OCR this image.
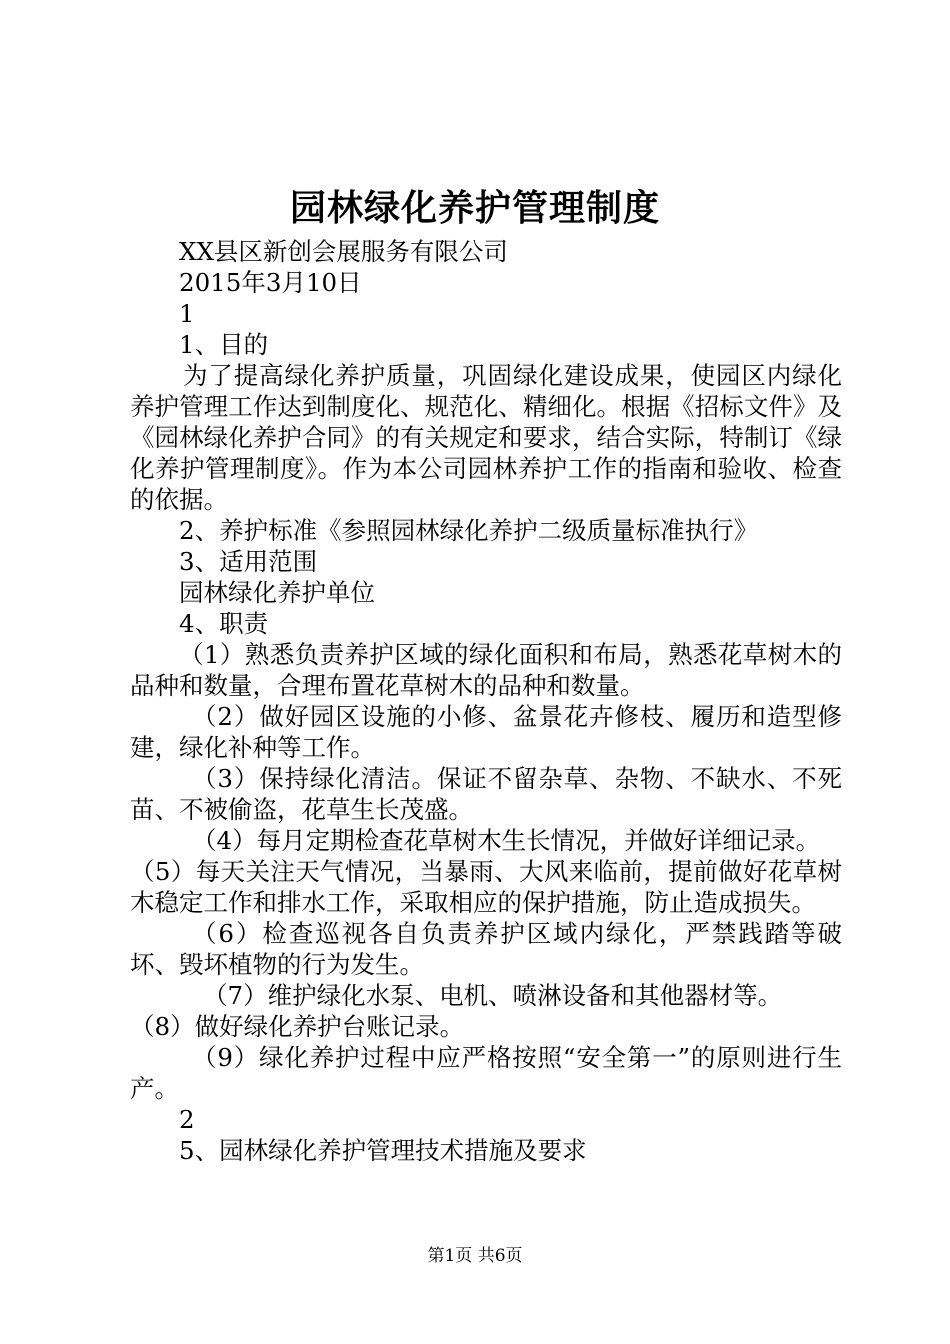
园林绿化养护管理制度

XX县区新创会展服务有限公司

2015年3月10日

1

1、目的

为了提高绿化养护质量，巩固绿化建设成果，使园区内绿化养护管理工作达到制度化、规范化、精细化。根据《招标文件》及《园林绿化养护合同》的有关规定和要求，结合实际，特制订《绿化养护管理制度》。作为本公司园林养护工作的指南和验收、检查的依据。

2、养护标准《参照园林绿化养护二级质量标准执行》

3、适用范围

园林绿化养护单位

4、职责

（1）熟悉负责养护区域的绿化面积和布局，熟悉花草树木的品种和数量，合理布置花草树木的品种和数量。

（2）做好园区设施的小修、盆景花卉修枝、履历和造型修建，绿化补种等工作。

（3）保持绿化清洁。保证不留杂草、杂物、不缺水、不死苗、不被偷盗，花草生长茂盛。

（4）每月定期检查花草树木生长情况，并做好详细记录。

（5）每天关注天气情况，当暴雨、大风来临前，提前做好花草树木稳定工作和排水工作，采取相应的保护措施，防止造成损失。

（6）检查巡视各自负责养护区域内绿化，严禁践踏等破坏、毁坏植物的行为发生。

（7）维护绿化水泵、电机、喷淋设备和其他器材等。

（8）做好绿化养护台账记录。

（9）绿化养护过程中应严格按照“安全第一”的原则进行生产。

2

5、园林绿化养护管理技术措施及要求

第1页 共6页
